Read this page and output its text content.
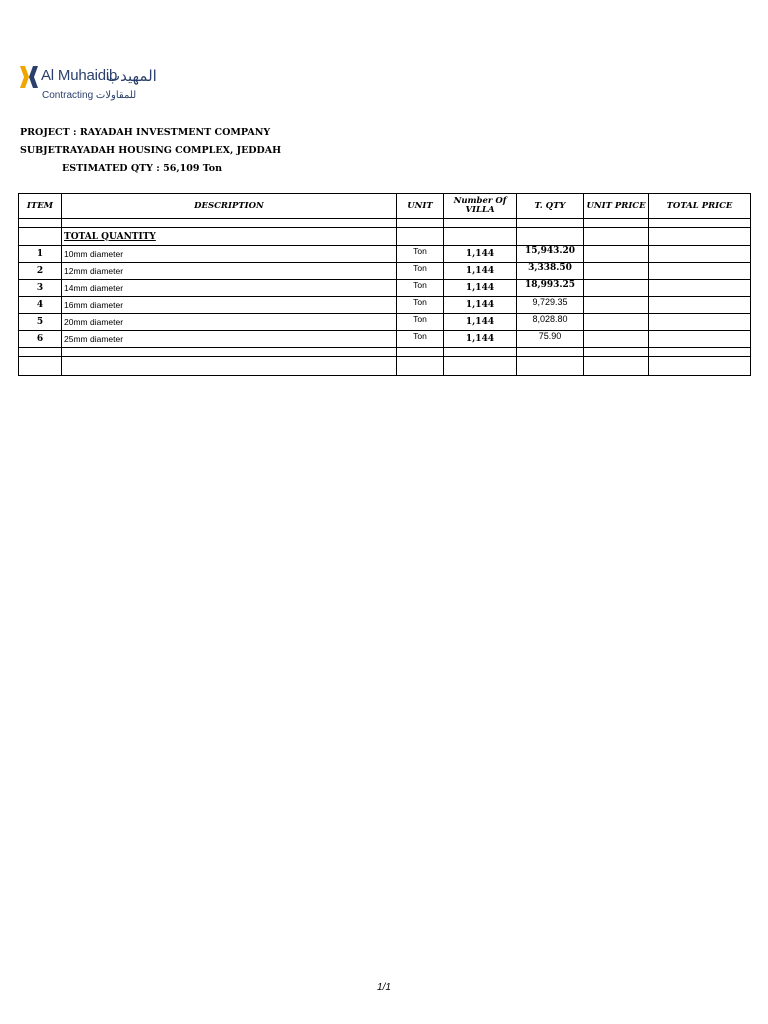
Al Muhaidib
المهيدب
Contracting للمقاولات
PROJECT : RAYADAH INVESTMENT COMPANY
SUBJETRAYADAH HOUSING COMPLEX, JEDDAH
ESTIMATED QTY : 56,109 Ton
ITEM	DESCRIPTION	UNIT	Number Of VILLA	T. QTY	UNIT PRICE	TOTAL PRICE

	TOTAL QUANTITY					
1	10mm diameter	Ton	1,144	15,943.20		
2	12mm diameter	Ton	1,144	3,338.50		
3	14mm diameter	Ton	1,144	18,993.25		
4	16mm diameter	Ton	1,144	9,729.35		
5	20mm diameter	Ton	1,144	8,028.80		
6	25mm diameter	Ton	1,144	75.90		

1/1
